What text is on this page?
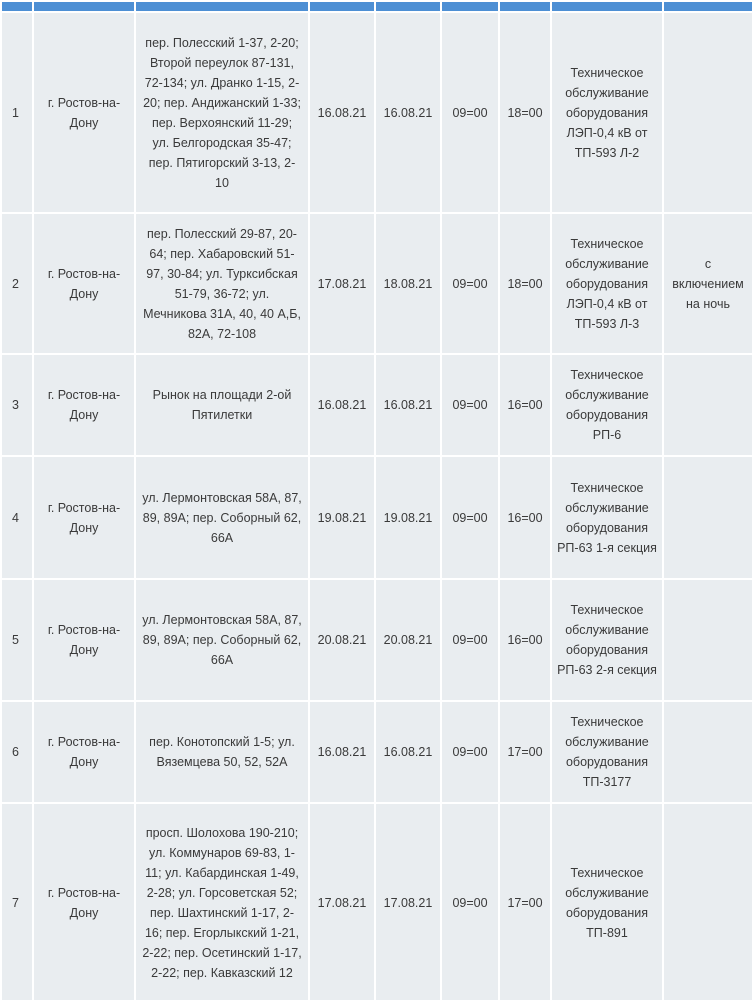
1	г. Ростов-на-Дону	пер. Полесский 1-37, 2-20; Второй переулок 87-131, 72-134; ул. Дранко 1-15, 2-20; пер. Андижанский 1-33; пер. Верхоянский 11-29; ул. Белгородская 35-47; пер. Пятигорский 3-13, 2-10	16.08.21	16.08.21	09=00	18=00	Техническое обслуживание оборудования ЛЭП-0,4 кВ от ТП-593 Л-2	
2	г. Ростов-на-Дону	пер. Полесский 29-87, 20-64; пер. Хабаровский 51-97, 30-84; ул. Турксибская 51-79, 36-72; ул. Мечникова 31А, 40, 40 А,Б, 82А, 72-108	17.08.21	18.08.21	09=00	18=00	Техническое обслуживание оборудования ЛЭП-0,4 кВ от ТП-593 Л-3	с включением на ночь
3	г. Ростов-на-Дону	Рынок на площади 2-ой Пятилетки	16.08.21	16.08.21	09=00	16=00	Техническое обслуживание оборудования РП-6	
4	г. Ростов-на-Дону	ул. Лермонтовская 58А, 87, 89, 89А; пер. Соборный 62, 66А	19.08.21	19.08.21	09=00	16=00	Техническое обслуживание оборудования РП-63 1-я секция	
5	г. Ростов-на-Дону	ул. Лермонтовская 58А, 87, 89, 89А; пер. Соборный 62, 66А	20.08.21	20.08.21	09=00	16=00	Техническое обслуживание оборудования РП-63 2-я секция	
6	г. Ростов-на-Дону	пер. Конотопский 1-5; ул. Вяземцева 50, 52, 52А	16.08.21	16.08.21	09=00	17=00	Техническое обслуживание оборудования ТП-3177	
7	г. Ростов-на-Дону	просп. Шолохова 190-210; ул. Коммунаров 69-83, 1-11; ул. Кабардинская 1-49, 2-28; ул. Горсоветская 52; пер. Шахтинский 1-17, 2-16; пер. Егорлыкский 1-21, 2-22; пер. Осетинский 1-17, 2-22; пер. Кавказский 12	17.08.21	17.08.21	09=00	17=00	Техническое обслуживание оборудования ТП-891	
